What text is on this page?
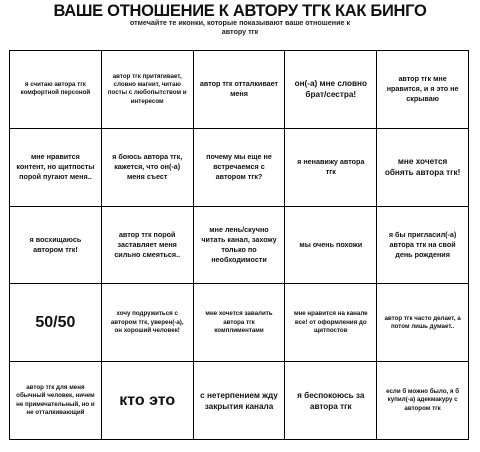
ВАШЕ ОТНОШЕНИЕ К АВТОРУ ТГК КАК БИНГО
отмечайте те иконки, которые показывают ваше отношение к автору тгк
я считаю автора тгк комфортной персоной
автор тгк притягивает, словно магнит, читаю посты с любопытством и интересом
автор тгк отталкивает меня
он(-а) мне словно брат/сестра!
автор тгк мне нравится, и я это не скрываю
мне нравится контент, но щитпосты порой пугают меня..
я боюсь автора тгк, кажется, что он(-а) меня съест
почему мы еще не встречаемся с автором тгк?
я ненавижу автора тгк
мне хочется обнять автора тгк!
я восхищаюсь автором тгк!
автор тгк порой заставляет меня сильно смеяться..
мне лень/скучно читать канал, захожу только по необходимости
мы очень похожи
я бы пригласил(-а) автора тгк на свой день рождения
50/50	хочу подружиться с автором тгк, уверен(-а), он хороший человек!
мне хочется завалить автора тгк комплиментами
мне нравится на канале все! от оформления до щитпостов
автор тгк часто делает, а потом лишь думает..
автор тгк для меня обычный человек, ничем не примечательный, но и не отталкивающий
кто это	с нетерпением жду закрытия канала
я беспокоюсь за автора тгк
если б можно было, я б купил(-а) адекмакуру с автором тгк
